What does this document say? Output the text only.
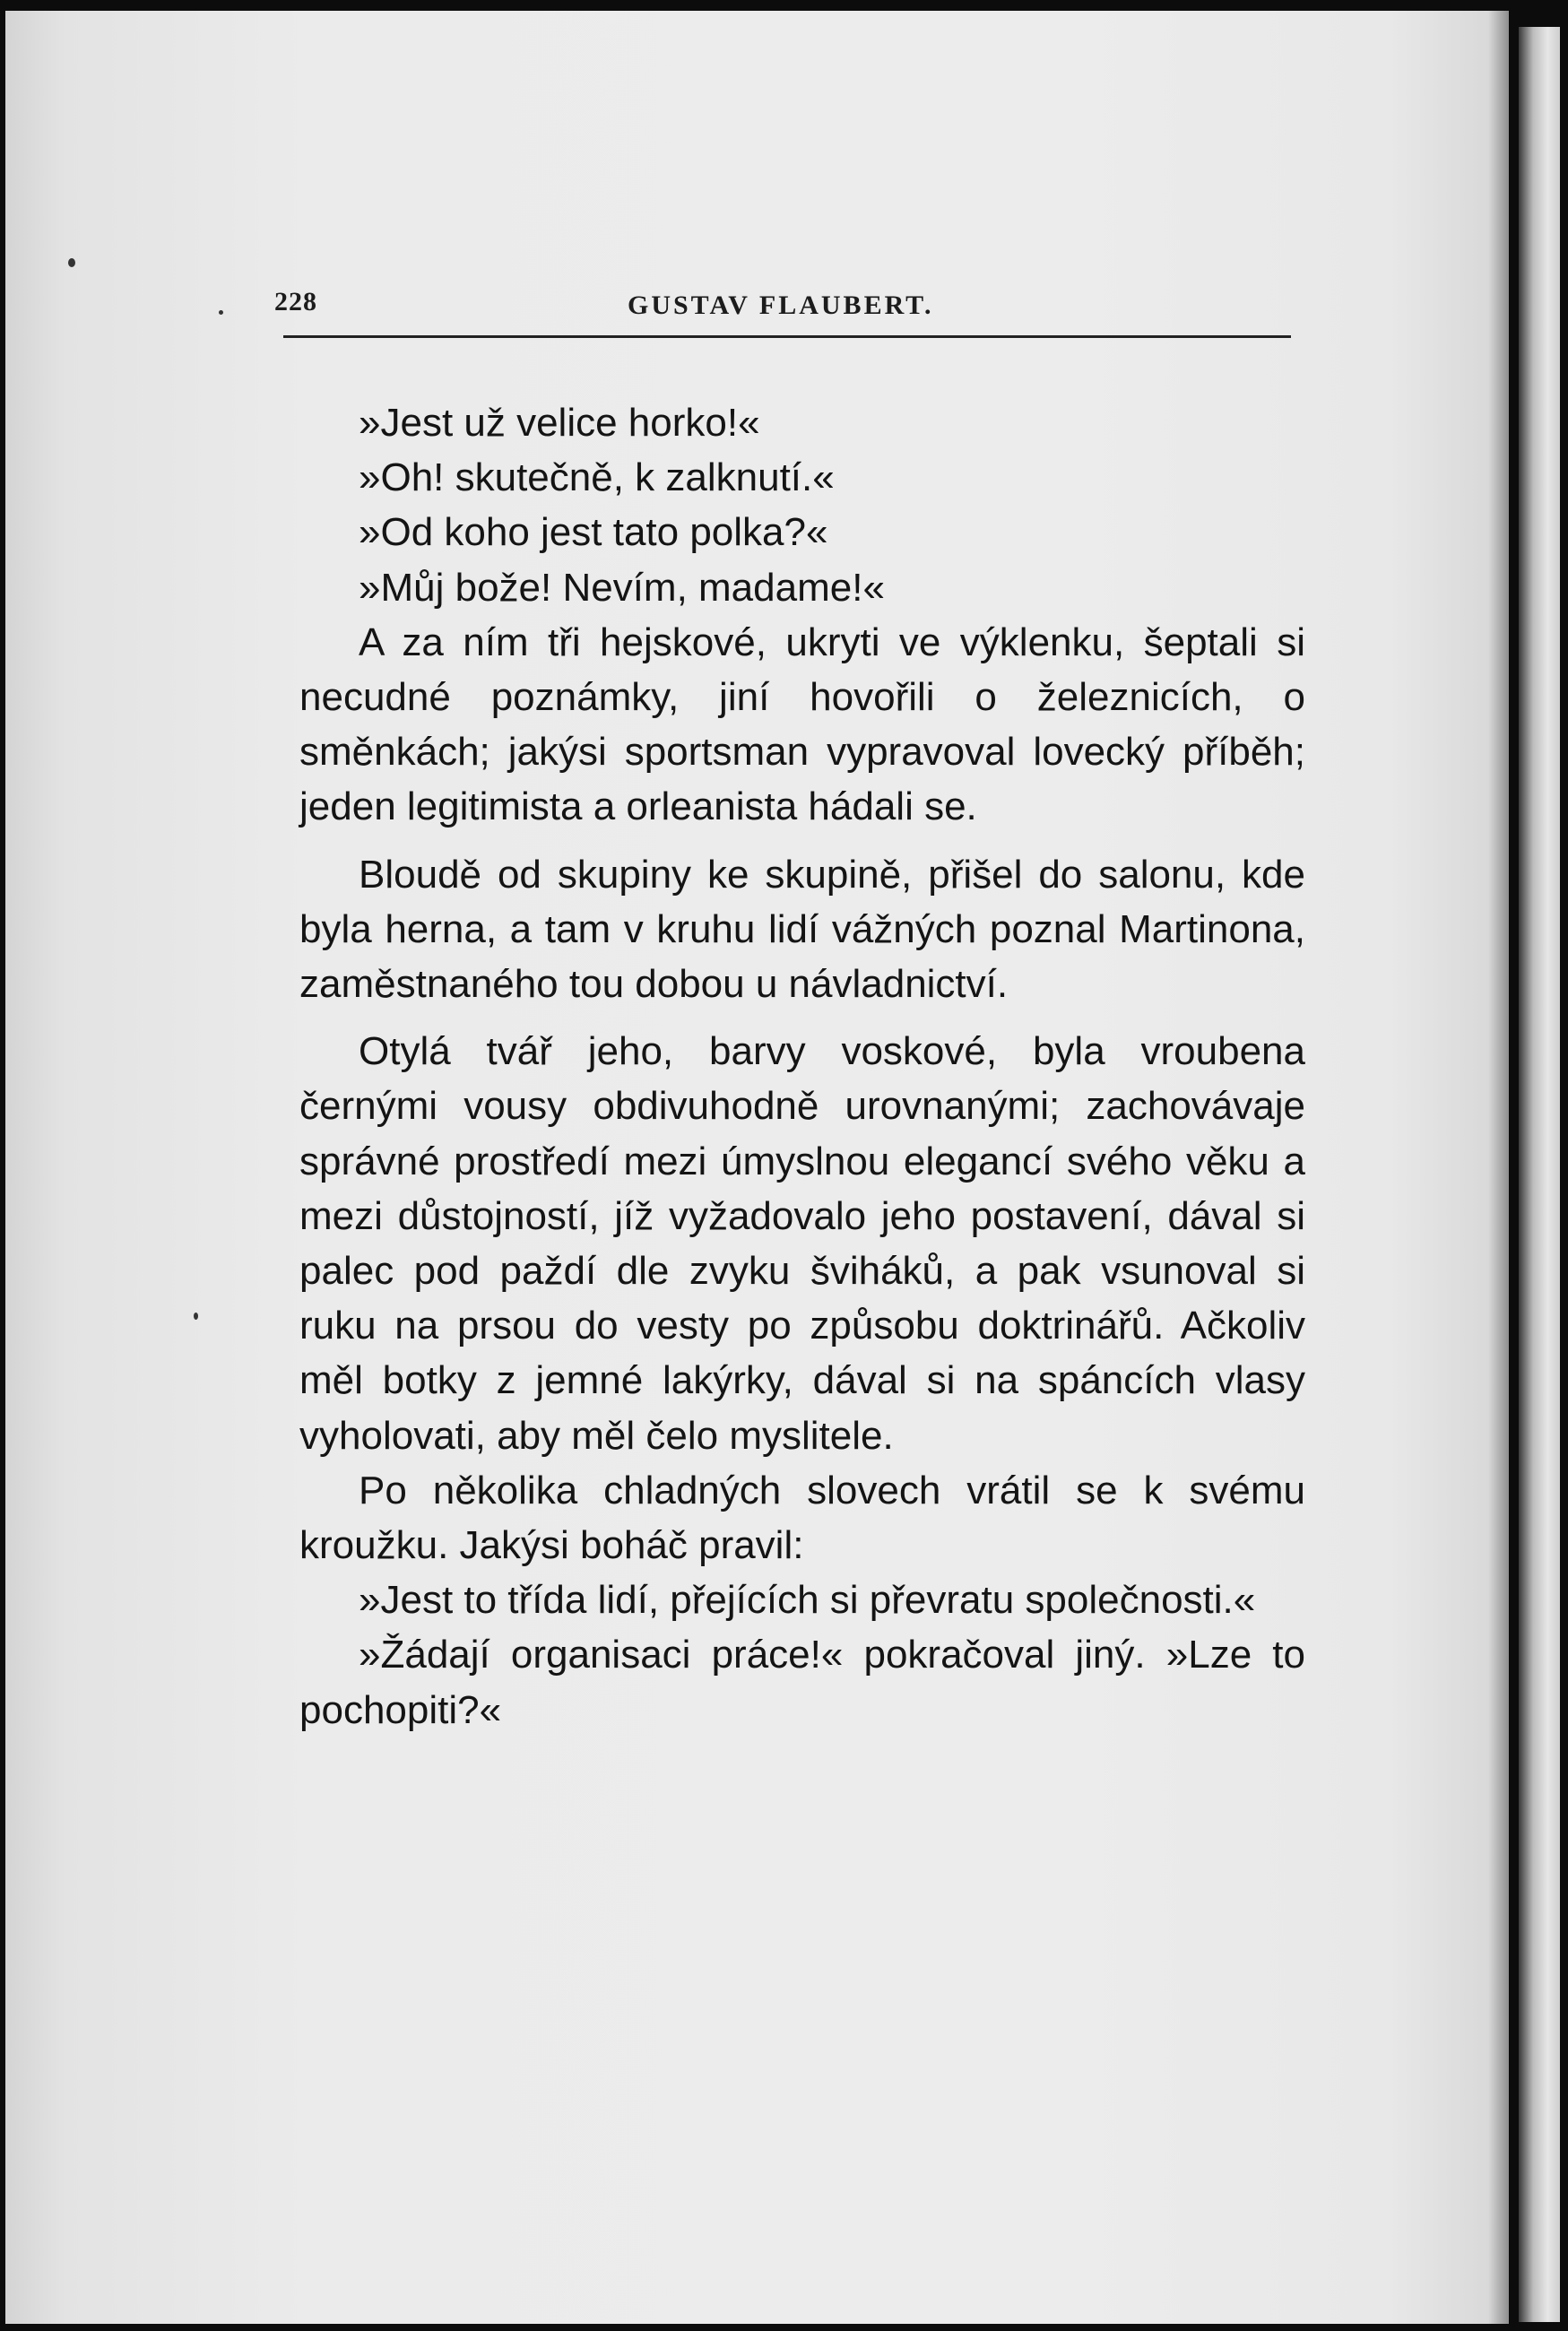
228	GUSTAV FLAUBERT.

»Jest už velice horko!«

»Oh! skutečně, k zalknutí.«

»Od koho jest tato polka?«

»Můj bože! Nevím, madame!«

A za ním tři hejskové, ukryti ve výklenku, šeptali si necudné poznámky, jiní hovořili o železnicích, o směnkách; jakýsi sportsman vypravoval lovecký příběh; jeden legitimista a orleanista hádali se.

Bloudě od skupiny ke skupině, přišel do salonu, kde byla herna, a tam v kruhu lidí vážných poznal Martinona, zaměstnaného tou dobou u návladnictví.

Otylá tvář jeho, barvy voskové, byla vroubena černými vousy obdivuhodně urovnanými; zachovávaje správné prostředí mezi úmyslnou elegancí svého věku a mezi důstojností, jíž vyžadovalo jeho postavení, dával si palec pod paždí dle zvyku šviháků, a pak vsunoval si ruku na prsou do vesty po způsobu doktrinářů. Ačkoliv měl botky z jemné lakýrky, dával si na spáncích vlasy vyholovati, aby měl čelo myslitele.

Po několika chladných slovech vrátil se k svému kroužku. Jakýsi boháč pravil:

»Jest to třída lidí, přejících si převratu společnosti.«

»Žádají organisaci práce!« pokračoval jiný. »Lze to pochopiti?«
